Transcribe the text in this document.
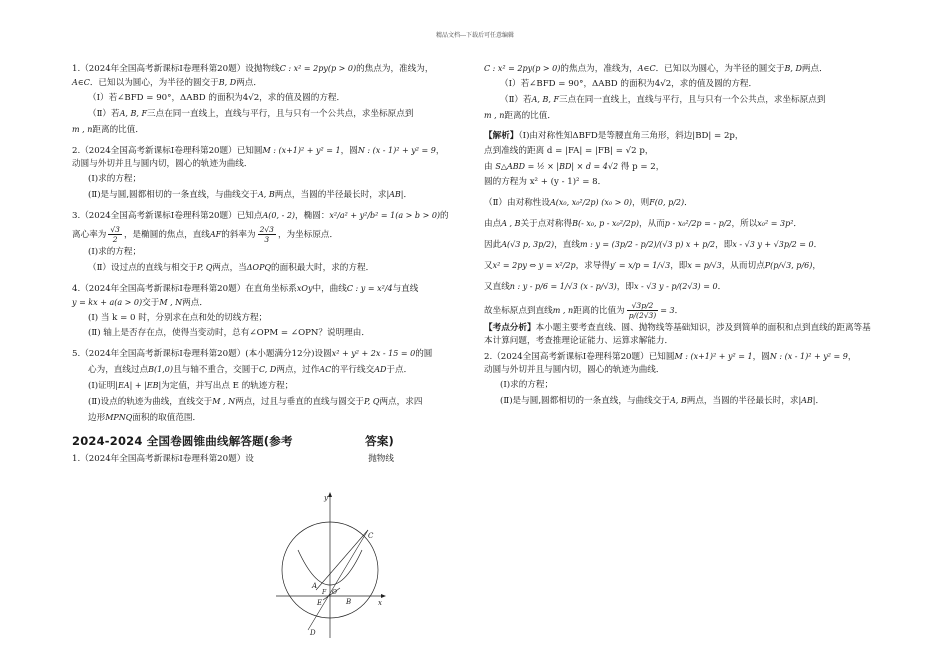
精品文档---下载后可任意编辑

1.（2024年全国高考新课标Ⅰ卷理科第20题）设抛物线C : x² = 2py(p > 0)的焦点为，准线为，
A∈C．已知以为圆心，为半径的圆交于B, D两点．

（Ⅰ）若∠BFD = 90°，ΔABD 的面积为4√2，求的值及圆的方程．

（Ⅱ）若A, B, F三点在同一直线上，直线与平行，且与只有一个公共点，求坐标原点到

m , n距离的比值．

2.（2024全国高考新课标Ⅰ卷理科第20题）已知圆M : (x+1)² + y² = 1，圆N : (x - 1)² + y² = 9，
动圆与外切并且与圆内切，圆心的轨迹为曲线．

(Ⅰ)求的方程；

(Ⅱ)是与圆,圆都相切的一条直线，与曲线交于A, B两点，当圆的半径最长时，求|AB|．

3.（2024全国高考新课标Ⅰ卷理科第20题）已知点A(0, - 2)，椭圆：x²/a² + y²/b² = 1(a > b > 0)的

离心率为 $\frac{√3}{2}$ ，是椭圆的焦点，直线AF的斜率为 $\frac{2√3}{3}$ ，为坐标原点．

(Ⅰ)求的方程；

（Ⅱ）设过点的直线与相交于P, Q两点，当ΔOPQ的面积最大时，求的方程．

4.（2024年全国高考新课标Ⅰ卷理科第20题）在直角坐标系xOy中，曲线C : y = x²/4与直线
y = kx + a(a > 0)交于M , N两点．

(Ⅰ) 当 k = 0 时，分别求在点和处的切线方程；

(Ⅱ) 轴上是否存在点，使得当变动时，总有∠OPM = ∠OPN？说明理由．

5.（2024年全国高考新课标Ⅰ卷理科第20题）(本小题满分12分)设圆x² + y² + 2x - 15 = 0的圆

心为，直线过点B(1,0)且与轴不重合，交圆于C, D两点，过作AC的平行线交AD于点．

(Ⅰ)证明|EA| + |EB|为定值，并写出点 E 的轨迹方程；

(Ⅱ)设点的轨迹为曲线，直线交于M , N两点，过且与垂直的直线与圆交于P, Q两点，求四

边形MPNQ面积的取值范围．

2024-2024 全国卷圆锥曲线解答题(参考	答案)

1.（2024年全国高考新课标Ⅰ卷理科第20题）设	抛物线

y
x
A
B
C
D
E
O
F

C : x² = 2py(p > 0)的焦点为，准线为，A∈C．已知以为圆心，为半径的圆交于B, D两点．

（Ⅰ）若∠BFD = 90°，ΔABD 的面积为4√2，求的值及圆的方程．

（Ⅱ）若A, B, F三点在同一直线上，直线与平行，且与只有一个公共点，求坐标原点到

m , n距离的比值．

【解析】（Ⅰ)由对称性知ΔBFD是等腰直角三角形，斜边|BD| = 2p，

点到准线的距离 d = |FA| = |FB| = √2 p，

由 S△ABD = ½ × |BD| × d = 4√2 得 p = 2，

圆的方程为 x² + (y - 1)² = 8．

（Ⅱ）由对称性设A(x₀, x₀²/2p) (x₀ > 0)，则F(0, p/2)．

由点A , B关于点对称得B(- x₀, p - x₀²/2p)，从而p - x₀²/2p = - p/2，所以x₀² = 3p²．

因此A(√3 p, 3p/2)，直线m : y = (3p/2 - p/2)/(√3 p) x + p/2，即x - √3 y + √3p/2 = 0．

又x² = 2py ⇔ y = x²/2p，求导得y′ = x/p = 1/√3，即x = p/√3，从而切点P(p/√3, p/6)，

又直线n : y - p/6 = 1/√3 (x - p/√3)，即x - √3 y - p/(2√3) = 0．

故坐标原点到直线m , n距离的比值为 $\frac{√3p/2}{p/(2√3)} = 3$．

【考点分析】本小题主要考查直线、圆、抛物线等基础知识，涉及到简单的面积和点到直线的距离等基本计算问题，考查推理论证能力、运算求解能力．

2.（2024全国高考新课标Ⅰ卷理科第20题）已知圆M : (x+1)² + y² = 1，圆N : (x - 1)² + y² = 9，
动圆与外切并且与圆内切，圆心的轨迹为曲线．

(Ⅰ)求的方程；

(Ⅱ)是与圆,圆都相切的一条直线，与曲线交于A, B两点，当圆的半径最长时，求|AB|．
